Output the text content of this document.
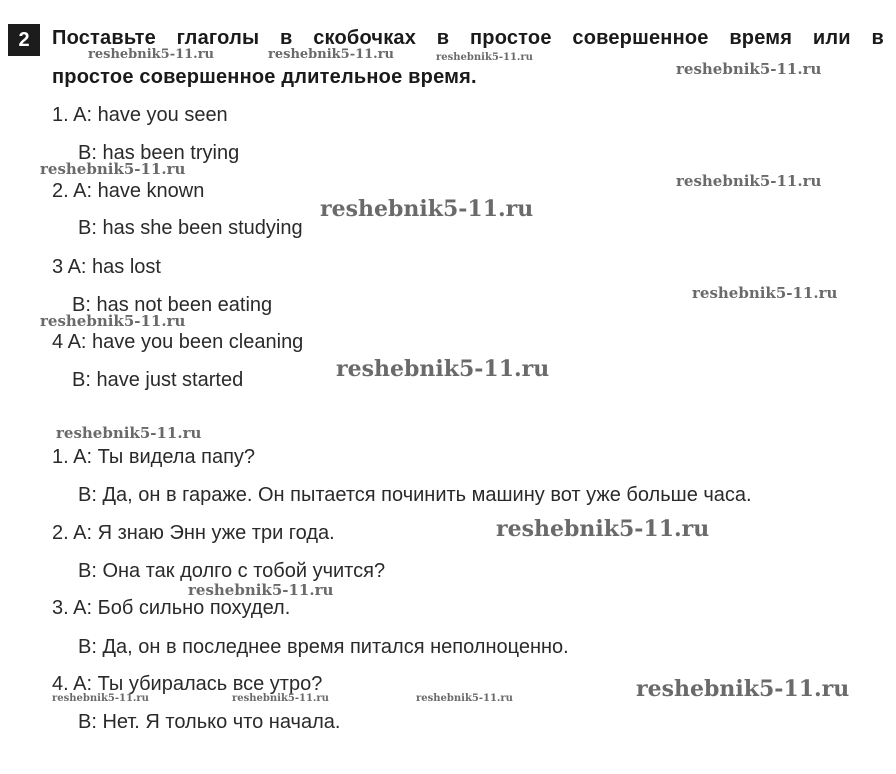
2	Поставьте глаголы в скобочках в простое совершенное время или в
простое совершенное длительное время.
1. A: have you seen
B: has been trying
2. A: have known
B: has she been studying
3 A: has lost
B: has not been eating
4 A: have you been cleaning
B: have just started
1. A: Ты видела папу?
B: Да, он в гараже. Он пытается починить машину вот уже больше часа.
2. A: Я знаю Энн уже три года.
B: Она так долго с тобой учится?
3. A: Боб сильно похудел.
B: Да, он в последнее время питался неполноценно.
4. A: Ты убиралась все утро?
B: Нет. Я только что начала.
reshebnik5-11.ru	reshebnik5-11.ru	reshebnik5-11.ru
reshebnik5-11.ru
reshebnik5-11.ru
reshebnik5-11.ru
reshebnik5-11.ru
reshebnik5-11.ru
reshebnik5-11.ru
reshebnik5-11.ru
reshebnik5-11.ru
reshebnik5-11.ru
reshebnik5-11.ru
reshebnik5-11.ru
reshebnik5-11.ru	reshebnik5-11.ru	reshebnik5-11.ru
